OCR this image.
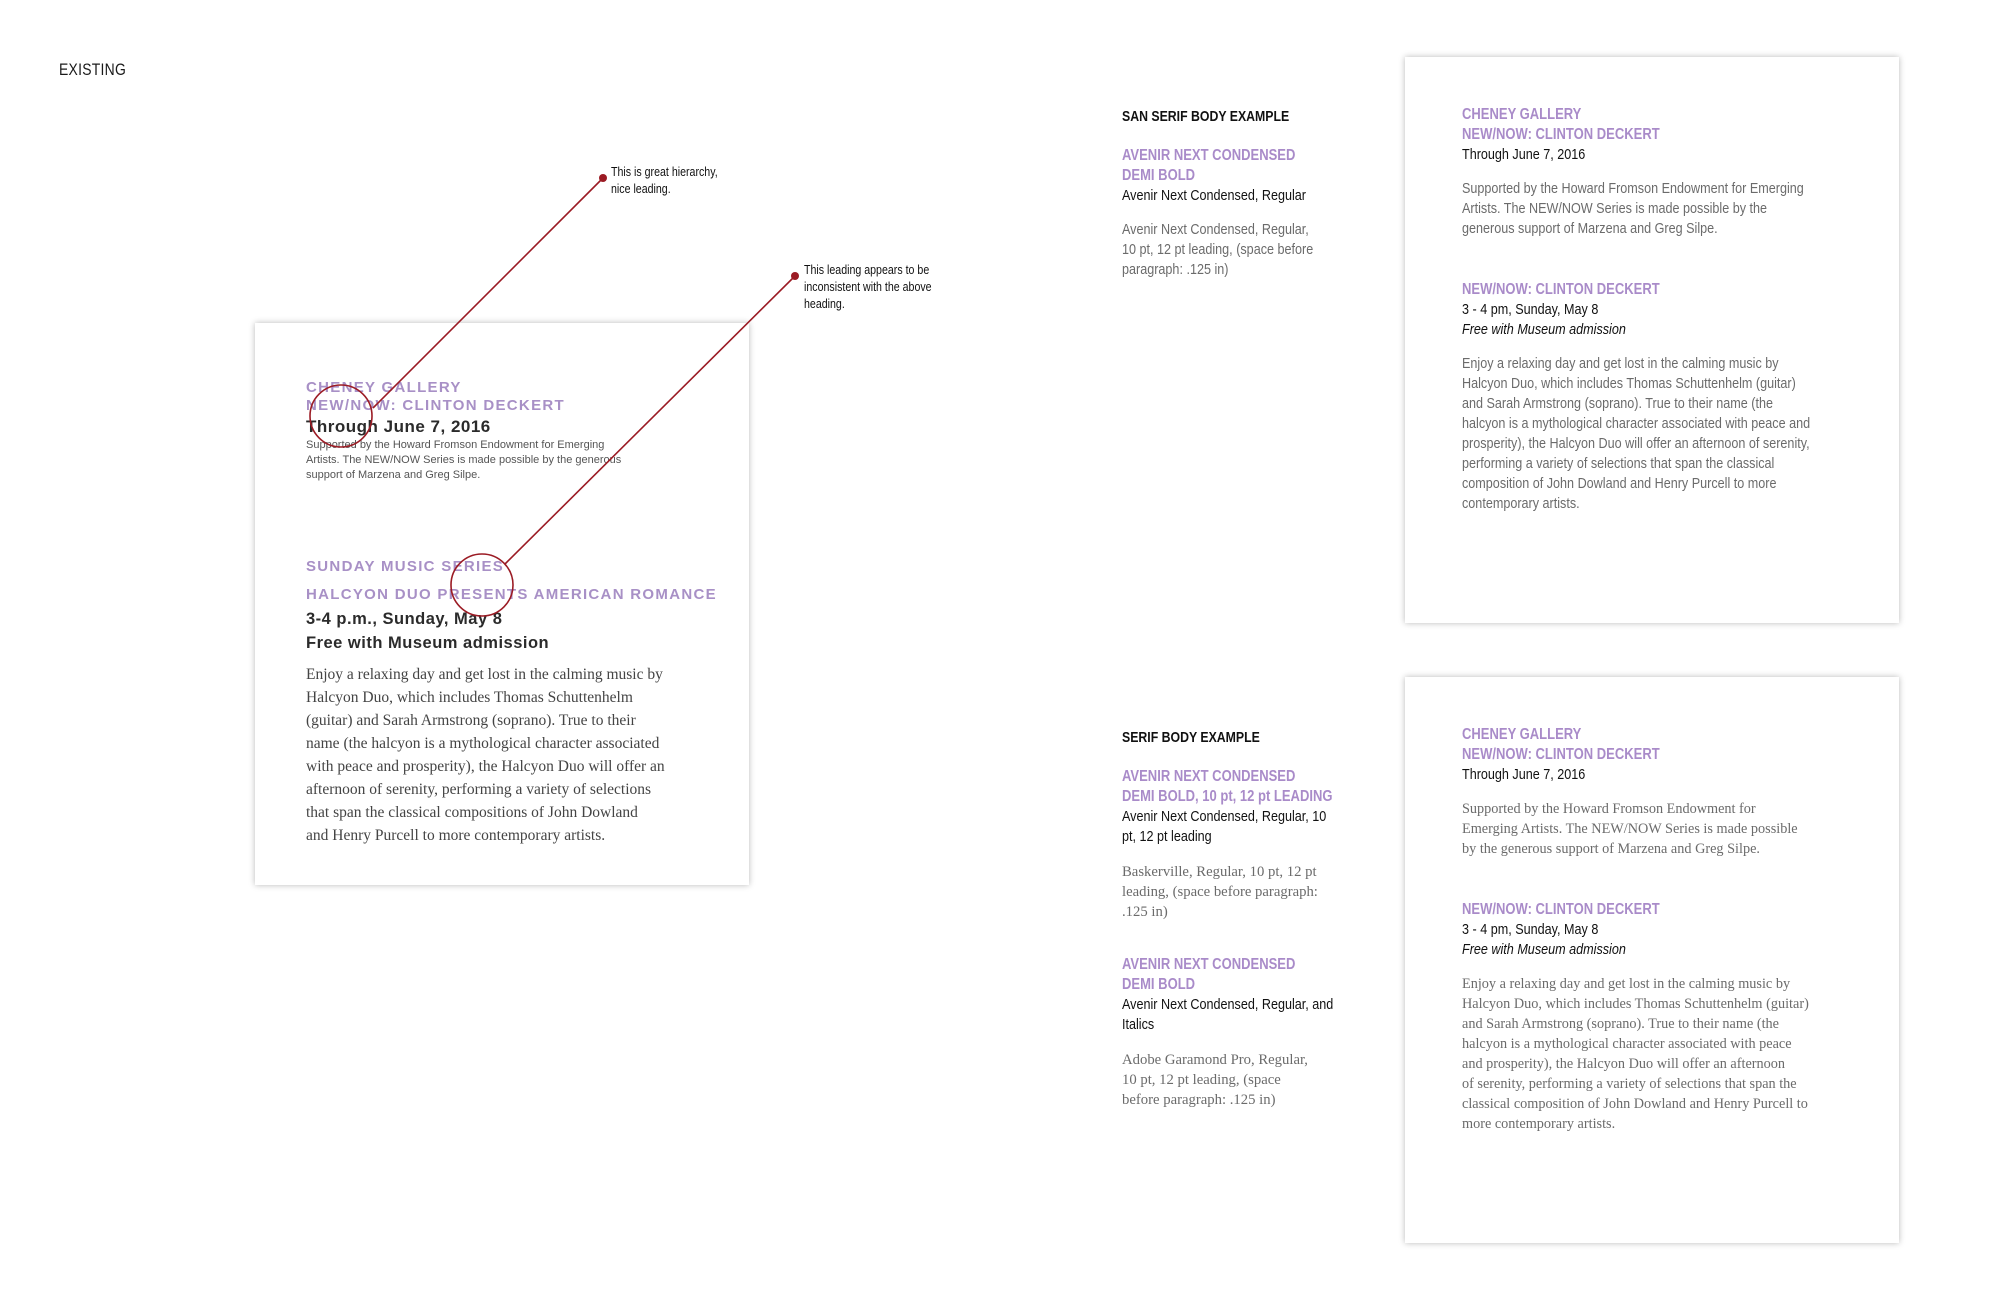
EXISTING
CHENEY GALLERY
NEW/NOW: CLINTON DECKERT
Through June 7, 2016
Supported by the Howard Fromson Endowment for Emerging
Artists. The NEW/NOW Series is made possible by the generous
support of Marzena and Greg Silpe.
SUNDAY MUSIC SERIES
HALCYON DUO PRESENTS AMERICAN ROMANCE
3-4 p.m., Sunday, May 8
Free with Museum admission
Enjoy a relaxing day and get lost in the calming music by
Halcyon Duo, which includes Thomas Schuttenhelm
(guitar) and Sarah Armstrong (soprano). True to their
name (the halcyon is a mythological character associated
with peace and prosperity), the Halcyon Duo will offer an
afternoon of serenity, performing a variety of selections
that span the classical compositions of John Dowland
and Henry Purcell to more contemporary artists.
This is great hierarchy,
nice leading.
This leading appears to be
inconsistent with the above
heading.
SAN SERIF BODY EXAMPLE
AVENIR NEXT CONDENSED
DEMI BOLD
Avenir Next Condensed, Regular
Avenir Next Condensed, Regular,
10 pt, 12 pt leading, (space before
paragraph: .125 in)
SERIF BODY EXAMPLE
AVENIR NEXT CONDENSED
DEMI BOLD, 10 pt, 12 pt LEADING
Avenir Next Condensed, Regular, 10
pt, 12 pt leading
Baskerville, Regular, 10 pt, 12 pt
leading, (space before paragraph:
.125 in)
AVENIR NEXT CONDENSED
DEMI BOLD
Avenir Next Condensed, Regular, and
Italics
Adobe Garamond Pro, Regular,
10 pt, 12 pt leading, (space
before paragraph: .125 in)
CHENEY GALLERY
NEW/NOW: CLINTON DECKERT
Through June 7, 2016
Supported by the Howard Fromson Endowment for Emerging
Artists. The NEW/NOW Series is made possible by the
generous support of Marzena and Greg Silpe.
NEW/NOW: CLINTON DECKERT
3 - 4 pm, Sunday, May 8
Free with Museum admission
Enjoy a relaxing day and get lost in the calming music by
Halcyon Duo, which includes Thomas Schuttenhelm (guitar)
and Sarah Armstrong (soprano). True to their name (the
halcyon is a mythological character associated with peace and
prosperity), the Halcyon Duo will offer an afternoon of serenity,
performing a variety of selections that span the classical
composition of John Dowland and Henry Purcell to more
contemporary artists.
CHENEY GALLERY
NEW/NOW: CLINTON DECKERT
Through June 7, 2016
Supported by the Howard Fromson Endowment for
Emerging Artists. The NEW/NOW Series is made possible
by the generous support of Marzena and Greg Silpe.
NEW/NOW: CLINTON DECKERT
3 - 4 pm, Sunday, May 8
Free with Museum admission
Enjoy a relaxing day and get lost in the calming music by
Halcyon Duo, which includes Thomas Schuttenhelm (guitar)
and Sarah Armstrong (soprano). True to their name (the
halcyon is a mythological character associated with peace
and prosperity), the Halcyon Duo will offer an afternoon
of serenity, performing a variety of selections that span the
classical composition of John Dowland and Henry Purcell to
more contemporary artists.
